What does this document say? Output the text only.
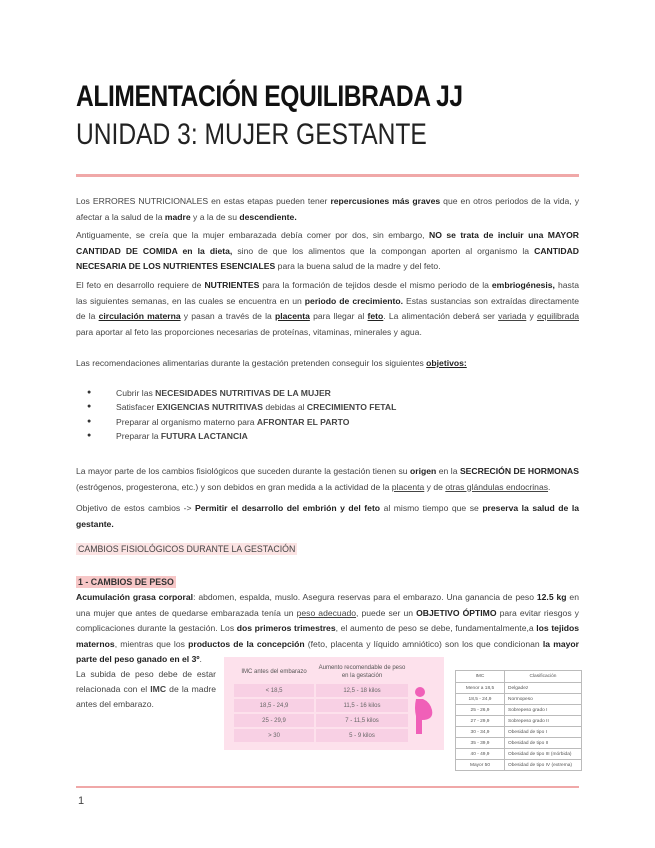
ALIMENTACIÓN EQUILIBRADA JJ
UNIDAD 3: MUJER GESTANTE
Los ERRORES NUTRICIONALES en estas etapas pueden tener repercusiones más graves que en otros periodos de la vida, y afectar a la salud de la madre y a la de su descendiente.
Antiguamente, se creía que la mujer embarazada debía comer por dos, sin embargo, NO se trata de incluir una MAYOR CANTIDAD DE COMIDA en la dieta, sino de que los alimentos que la compongan aporten al organismo la CANTIDAD NECESARIA DE LOS NUTRIENTES ESENCIALES para la buena salud de la madre y del feto.
El feto en desarrollo requiere de NUTRIENTES para la formación de tejidos desde el mismo periodo de la embriogénesis, hasta las siguientes semanas, en las cuales se encuentra en un periodo de crecimiento. Estas sustancias son extraídas directamente de la circulación materna y pasan a través de la placenta para llegar al feto. La alimentación deberá ser variada y equilibrada para aportar al feto las proporciones necesarias de proteínas, vitaminas, minerales y agua.
Las recomendaciones alimentarias durante la gestación pretenden conseguir los siguientes objetivos:
● Cubrir las NECESIDADES NUTRITIVAS DE LA MUJER
● Satisfacer EXIGENCIAS NUTRITIVAS debidas al CRECIMIENTO FETAL
● Preparar al organismo materno para AFRONTAR EL PARTO
● Preparar la FUTURA LACTANCIA
La mayor parte de los cambios fisiológicos que suceden durante la gestación tienen su origen en la SECRECIÓN DE HORMONAS (estrógenos, progesterona, etc.) y son debidos en gran medida a la actividad de la placenta y de otras glándulas endocrinas.
Objetivo de estos cambios -> Permitir el desarrollo del embrión y del feto al mismo tiempo que se preserva la salud de la gestante.
CAMBIOS FISIOLÓGICOS DURANTE LA GESTACIÓN
1 - CAMBIOS DE PESO
Acumulación grasa corporal: abdomen, espalda, muslo. Asegura reservas para el embarazo. Una ganancia de peso 12.5 kg en una mujer que antes de quedarse embarazada tenía un peso adecuado, puede ser un OBJETIVO ÓPTIMO para evitar riesgos y complicaciones durante la gestación. Los dos primeros trimestres, el aumento de peso se debe, fundamentalmente,a los tejidos maternos, mientras que los productos de la concepción (feto, placenta y líquido amniótico) son los que condicionan la mayor parte del peso ganado en el 3º.
La subida de peso debe de estar relacionada con el IMC de la madre antes del embarazo.
IMC antes del embarazo	Aumento recomendable de peso en la gestación
< 18,5	12,5 - 18 kilos
18,5 - 24,9	11,5 - 16 kilos
25 - 29,9	7 - 11,5 kilos
> 30	5 - 9 kilos
IMC	Clasificación
Menor a 18,5	Delgadez
18,5 - 24,9	Normopeso
25 - 26,9	Sobrepeso grado I
27 - 29,9	Sobrepeso grado II
30 - 34,9	Obesidad de tipo I
35 - 39,9	Obesidad de tipo II
40 - 49,9	Obesidad de tipo III (mórbida)
Mayor 50	Obesidad de tipo IV (extrema)
1
